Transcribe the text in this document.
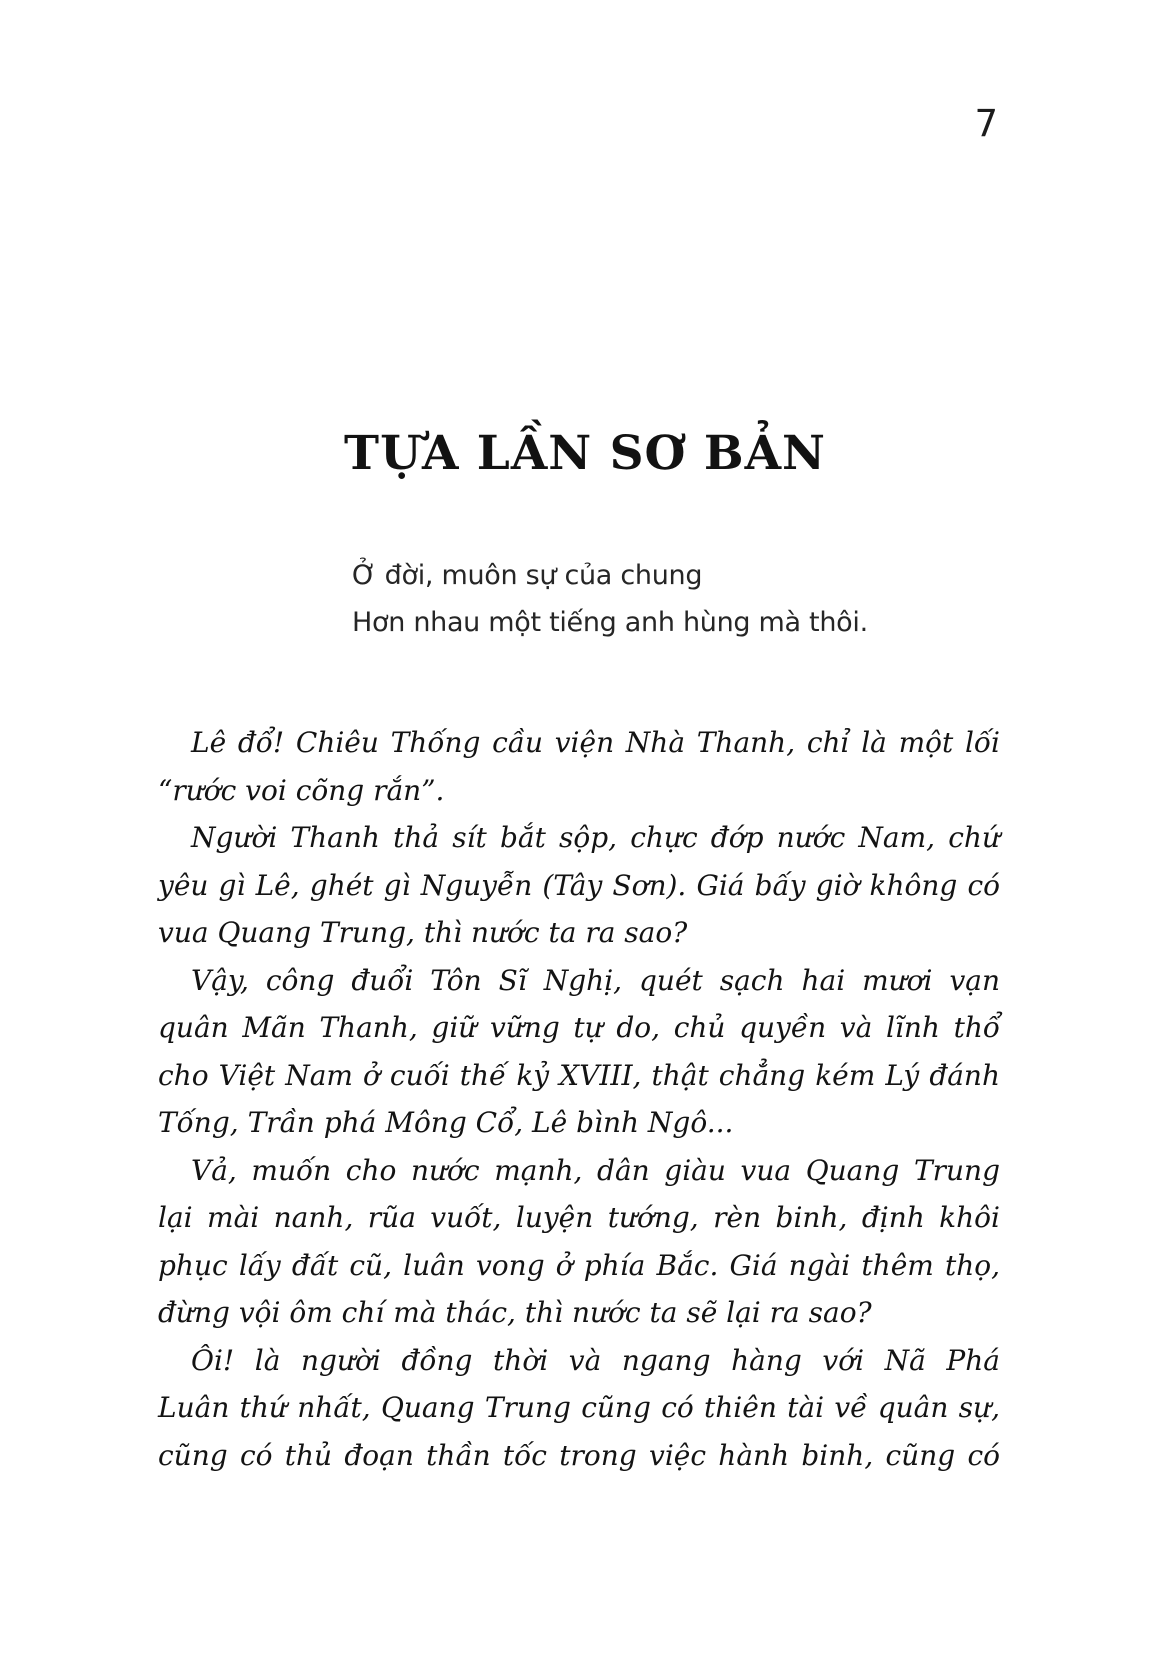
7
TỰA LẦN SƠ BẢN
Ở đời, muôn sự của chung
Hơn nhau một tiếng anh hùng mà thôi.
Lê đổ! Chiêu Thống cầu viện Nhà Thanh, chỉ là một lối
“rước voi cõng rắn”.
Người Thanh thả sít bắt sộp, chực đớp nước Nam, chứ
yêu gì Lê, ghét gì Nguyễn (Tây Sơn). Giá bấy giờ không có
vua Quang Trung, thì nước ta ra sao?
Vậy, công đuổi Tôn Sĩ Nghị, quét sạch hai mươi vạn
quân Mãn Thanh, giữ vững tự do, chủ quyền và lĩnh thổ
cho Việt Nam ở cuối thế kỷ XVIII, thật chẳng kém Lý đánh
Tống, Trần phá Mông Cổ, Lê bình Ngô...
Vả, muốn cho nước mạnh, dân giàu vua Quang Trung
lại mài nanh, rũa vuốt, luyện tướng, rèn binh, định khôi
phục lấy đất cũ, luân vong ở phía Bắc. Giá ngài thêm thọ,
đừng vội ôm chí mà thác, thì nước ta sẽ lại ra sao?
Ôi! là người đồng thời và ngang hàng với Nã Phá
Luân thứ nhất, Quang Trung cũng có thiên tài về quân sự,
cũng có thủ đoạn thần tốc trong việc hành binh, cũng có
